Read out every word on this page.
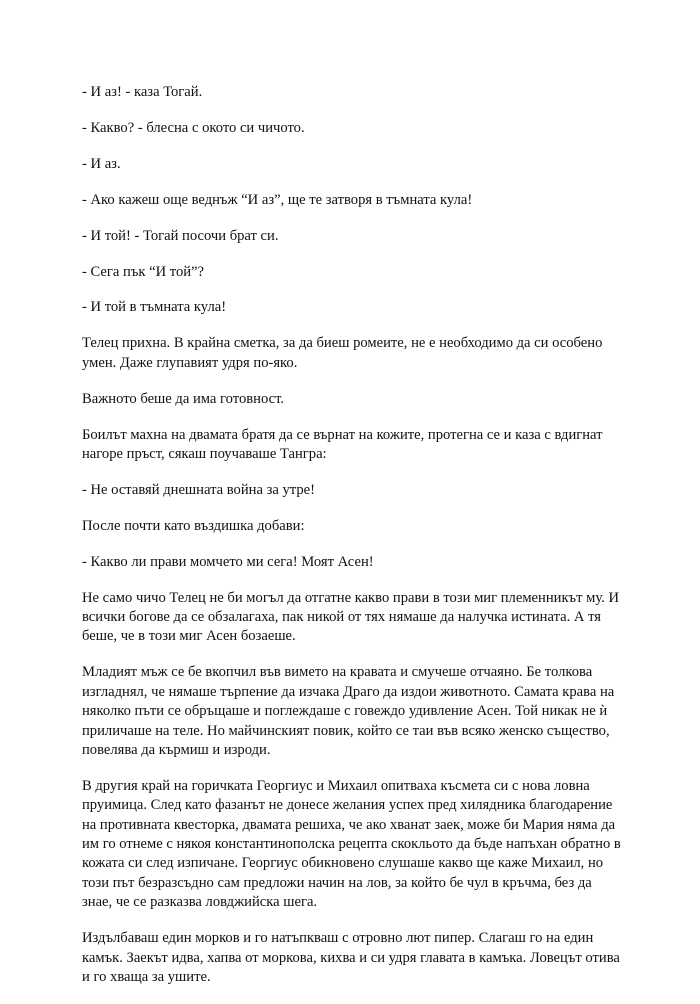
- И аз! - каза Тогай.

- Какво? - блесна с окото си чичото.

- И аз.

- Ако кажеш още веднъж “И аз”, ще те затворя в тъмната кула!

- И той! - Тогай посочи брат си.

- Сега пък “И той”?

- И той в тъмната кула!

Телец прихна. В крайна сметка, за да биеш ромеите, не е необходимо да си особено умен. Даже глупавият удря по-яко.

Важното беше да има готовност.

Боилът махна на двамата братя да се върнат на кожите, протегна се и каза с вдигнат нагоре пръст, сякаш поучаваше Тангра:

- Не оставяй днешната война за утре!

После почти като въздишка добави:

- Какво ли прави момчето ми сега! Моят Асен!

Не само чичо Телец не би могъл да отгатне какво прави в този миг племенникът му. И всички богове да се обзалагаха, пак никой от тях нямаше да налучка истината. А тя беше, че в този миг Асен бозаеше.

Младият мъж се бе вкопчил във вимето на кравата и смучеше отчаяно. Бе толкова изгладнял, че нямаше търпение да изчака Драго да издои животното. Самата крава на няколко пъти се обръщаше и поглеждаше с говеждо удивление Асен. Той никак не ѝ приличаше на теле. Но майчинският повик, който се таи във всяко женско същество, повелява да кърмиш и изроди.

В другия край на горичката Георгиус и Михаил опитваха късмета си с нова ловна пруимица. След като фазанът не донесе желания успех пред хилядника благодарение на противната квесторка, двамата решиха, че ако хванат заек, може би Мария няма да им го отнеме с някоя константинополска рецепта скокльото да бъде напъхан обратно в кожата си след изпичане. Георгиус обикновено слушаше какво ще каже Михаил, но този път безразсъдно сам предложи начин на лов, за който бе чул в кръчма, без да знае, че се разказва ловджийска шега.

Издълбаваш един морков и го натъпкваш с отровно лют пипер. Слагаш го на един камък. Заекът идва, хапва от моркова, кихва и си удря главата в камъка. Ловецът отива и го хваща за ушите.
